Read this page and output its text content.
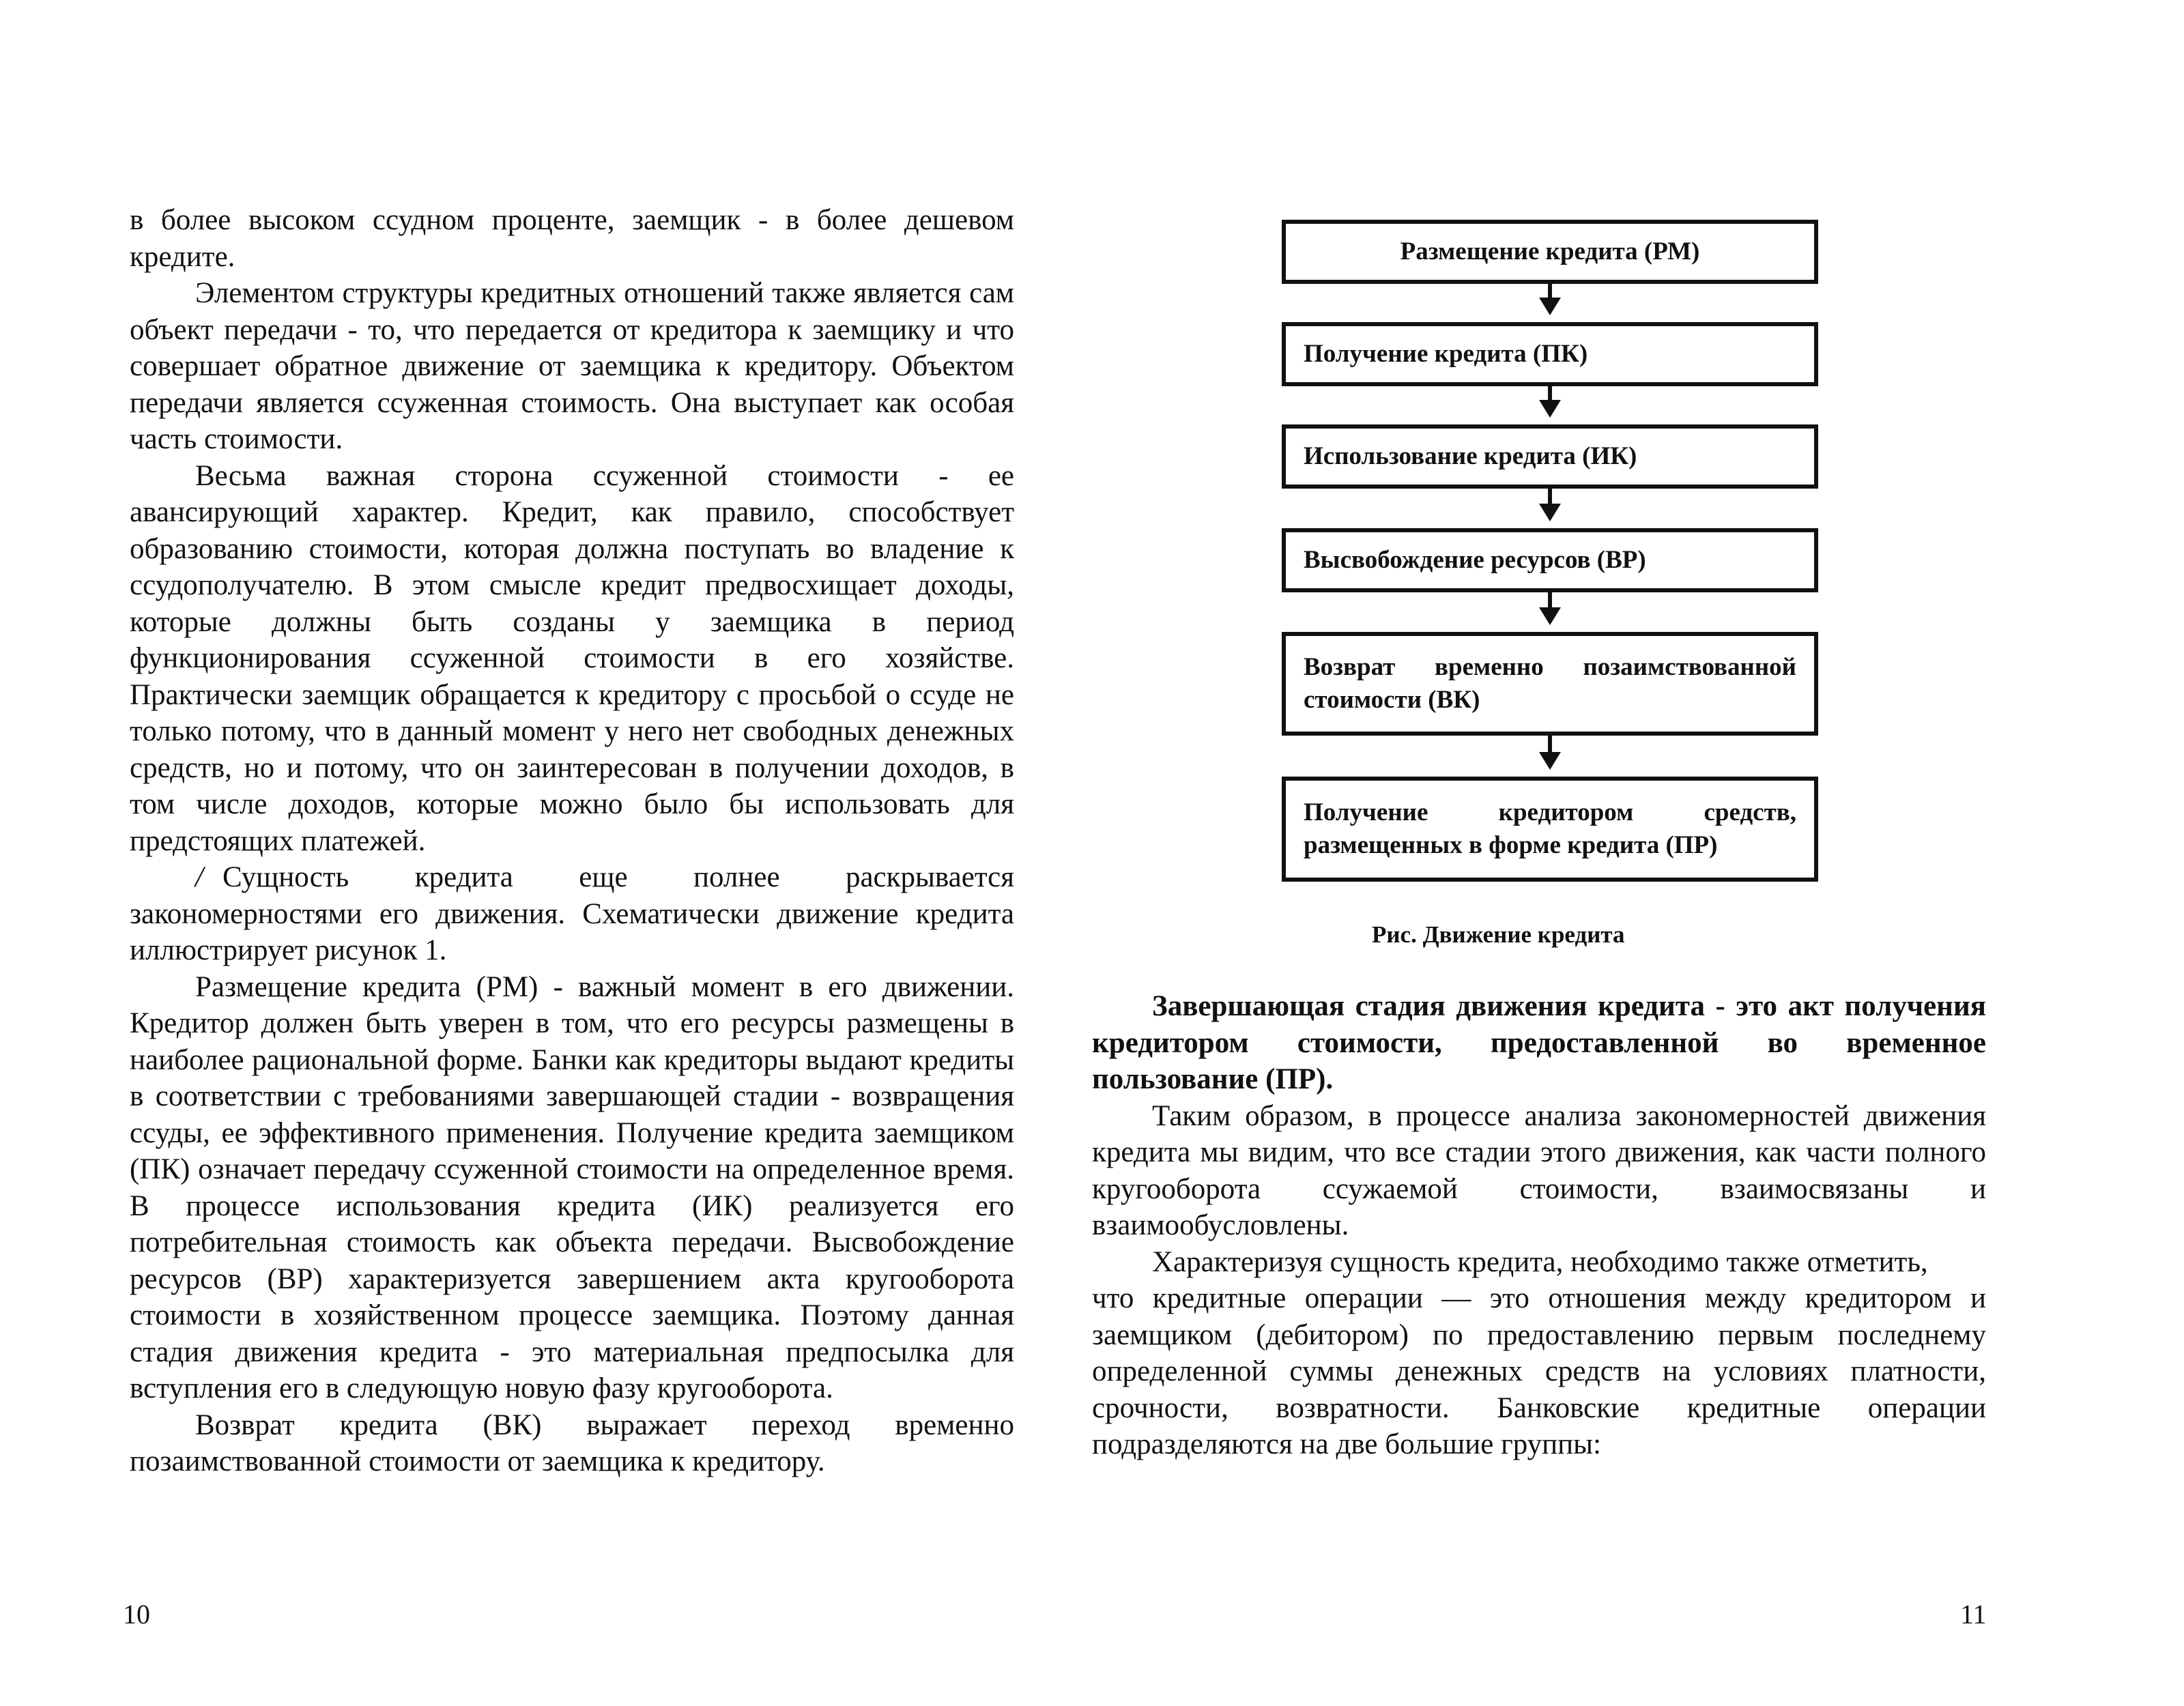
в более высоком ссудном проценте, заемщик - в более дешевом кредите.

Элементом структуры кредитных отношений также является сам объект передачи - то, что передается от кредитора к заемщику и что совершает обратное движение от заемщика к кредитору. Объектом передачи является ссуженная стоимость. Она выступает как особая часть стоимости.

Весьма важная сторона ссуженной стоимости - ее авансирующий характер. Кредит, как правило, способствует образованию стоимости, которая должна поступать во владение к ссудополучателю. В этом смысле кредит предвосхищает доходы, которые должны быть созданы у заемщика в период функционирования ссуженной стоимости в его хозяйстве. Практически заемщик обращается к кредитору с просьбой о ссуде не только потому, что в данный момент у него нет свободных денежных средств, но и потому, что он заинтересован в получении доходов, в том числе доходов, которые можно было бы использовать для предстоящих платежей.

/ Сущность кредита еще полнее раскрывается закономерностями его движения. Схематически движение кредита иллюстрирует рисунок 1.

Размещение кредита (РМ) - важный момент в его движении. Кредитор должен быть уверен в том, что его ресурсы размещены в наиболее рациональной форме. Банки как кредиторы выдают кредиты в соответствии с требованиями завершающей стадии - возвращения ссуды, ее эффективного применения. Получение кредита заемщиком (ПК) означает передачу ссуженной стоимости на определенное время. В процессе использования кредита (ИК) реализуется его потребительная стоимость как объекта передачи. Высвобождение ресурсов (ВР) характеризуется завершением акта кругооборота стоимости в хозяйственном процессе заемщика. Поэтому данная стадия движения кредита - это материальная предпосылка для вступления его в следующую новую фазу кругооборота.

Возврат кредита (ВК) выражает переход временно позаимствованной стоимости от заемщика к кредитору.

10
Размещение кредита (РМ)
Получение кредита (ПК)
Использование кредита (ИК)
Высвобождение ресурсов (ВР)
Возврат временно позаимствованной стоимости (ВК)
Получение кредитором средств, размещенных в форме кредита (ПР)
Рис. Движение кредита

Завершающая стадия движения кредита - это акт получения

кредитором стоимости, предоставленной во временное

пользование (ПР).

Таким образом, в процессе анализа закономерностей движения кредита мы видим, что все стадии этого движения, как части полного кругооборота ссужаемой стоимости, взаимосвязаны и взаимообусловлены.

Характеризуя сущность кредита, необходимо также отметить,

что кредитные операции — это отношения между кредитором и заемщиком (дебитором) по предоставлению первым последнему определенной суммы денежных средств на условиях платности, срочности, возвратности. Банковские кредитные операции подразделяются на две большие группы:

11
